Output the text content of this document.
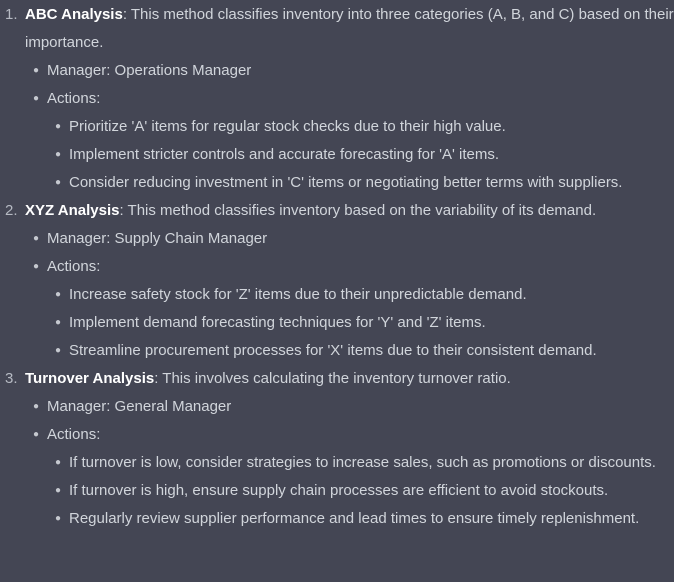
1. ABC Analysis: This method classifies inventory into three categories (A, B, and C) based on their importance.
● Manager: Operations Manager
● Actions:
● Prioritize 'A' items for regular stock checks due to their high value.
● Implement stricter controls and accurate forecasting for 'A' items.
● Consider reducing investment in 'C' items or negotiating better terms with suppliers.
2. XYZ Analysis: This method classifies inventory based on the variability of its demand.
● Manager: Supply Chain Manager
● Actions:
● Increase safety stock for 'Z' items due to their unpredictable demand.
● Implement demand forecasting techniques for 'Y' and 'Z' items.
● Streamline procurement processes for 'X' items due to their consistent demand.
3. Turnover Analysis: This involves calculating the inventory turnover ratio.
● Manager: General Manager
● Actions:
● If turnover is low, consider strategies to increase sales, such as promotions or discounts.
● If turnover is high, ensure supply chain processes are efficient to avoid stockouts.
● Regularly review supplier performance and lead times to ensure timely replenishment.
